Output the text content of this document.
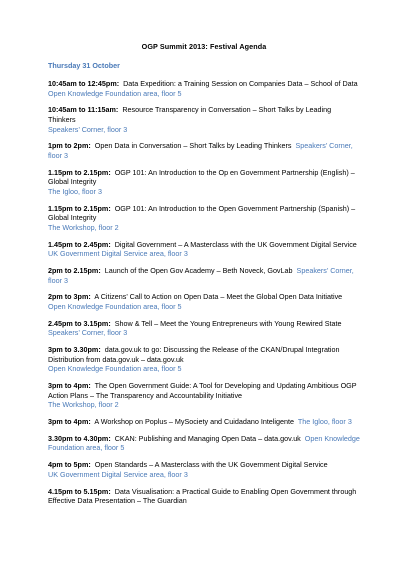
OGP Summit 2013: Festival Agenda
Thursday 31 October
10:45am to 12:45pm: Data Expedition: a Training Session on Companies Data – School of Data
Open Knowledge Foundation area, floor 5
10:45am to 11:15am: Resource Transparency in Conversation – Short Talks by Leading Thinkers
Speakers’ Corner, floor 3
1pm to 2pm: Open Data in Conversation – Short Talks by Leading Thinkers Speakers’ Corner, floor 3
1.15pm to 2.15pm: OGP 101: An Introduction to the Op en Government Partnership (English) – Global Integrity
The Igloo, floor 3
1.15pm to 2.15pm: OGP 101: An Introduction to the Open Government Partnership (Spanish) – Global Integrity
The Workshop, floor 2
1.45pm to 2.45pm: Digital Government – A Masterclass with the UK Government Digital Service
UK Government Digital Service area, floor 3
2pm to 2.15pm: Launch of the Open Gov Academy – Beth Noveck, GovLab Speakers’ Corner, floor 3
2pm to 3pm: A Citizens’ Call to Action on Open Data – Meet the Global Open Data Initiative
Open Knowledge Foundation area, floor 5
2.45pm to 3.15pm: Show & Tell – Meet the Young Entrepreneurs with Young Rewired State
Speakers’ Corner, floor 3
3pm to 3.30pm: data.gov.uk to go: Discussing the Release of the CKAN/Drupal Integration Distribution from data.gov.uk – data.gov.uk
Open Knowledge Foundation area, floor 5
3pm to 4pm: The Open Government Guide: A Tool for Developing and Updating Ambitious OGP Action Plans – The Transparency and Accountability Initiative
The Workshop, floor 2
3pm to 4pm: A Workshop on Poplus – MySociety and Cuidadano Inteligente The Igloo, floor 3
3.30pm to 4.30pm: CKAN: Publishing and Managing Open Data – data.gov.uk Open Knowledge Foundation area, floor 5
4pm to 5pm: Open Standards – A Masterclass with the UK Government Digital Service
UK Government Digital Service area, floor 3
4.15pm to 5.15pm: Data Visualisation: a Practical Guide to Enabling Open Government through Effective Data Presentation – The Guardian
